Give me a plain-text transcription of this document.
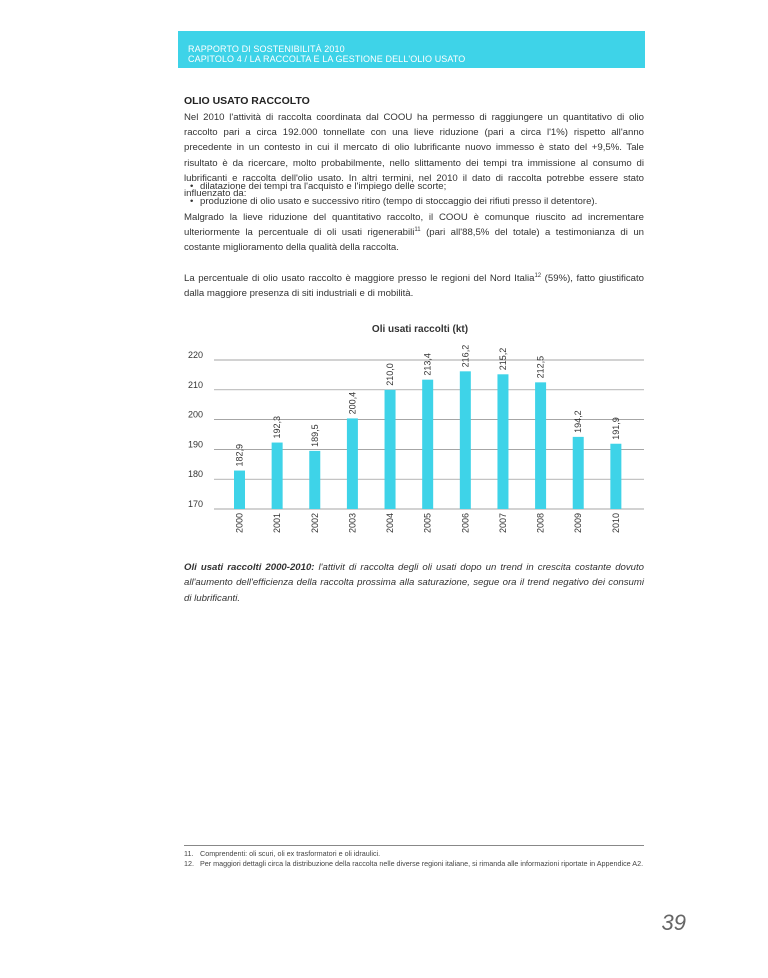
RAPPORTO DI SOSTENIBILITÀ 2010
CAPITOLO 4 / LA RACCOLTA E LA GESTIONE DELL'OLIO USATO
OLIO USATO RACCOLTO

Nel 2010 l'attività di raccolta coordinata dal COOU ha permesso di raggiungere un quantitativo di olio raccolto pari a circa 192.000 tonnellate con una lieve riduzione (pari a circa l'1%) rispetto all'anno precedente in un contesto in cui il mercato di olio lubrificante nuovo immesso è stato del +9,5%. Tale risultato è da ricercare, molto probabilmente, nello slittamento dei tempi tra immissione al consumo di lubrificanti e raccolta dell'olio usato. In altri termini, nel 2010 il dato di raccolta potrebbe essere stato influenzato da:

• dilatazione dei tempi tra l'acquisto e l'impiego delle scorte;
• produzione di olio usato e successivo ritiro (tempo di stoccaggio dei rifiuti presso il detentore).

Malgrado la lieve riduzione del quantitativo raccolto, il COOU è comunque riuscito ad incrementare ulteriormente la percentuale di oli usati rigenerabili$^{11}$ (pari all'88,5% del totale) a testimonianza di un costante miglioramento della qualità della raccolta.

La percentuale di olio usato raccolto è maggiore presso le regioni del Nord Italia$^{12}$ (59%), fatto giustificato dalla maggiore presenza di siti industriali e di mobilità.

Oli usati raccolti (kt)
170
180
190
200
210
220
182,9
2000
192,3
2001
189,5
2002
200,4
2003
210,0
2004
213,4
2005
216,2
2006
215,2
2007
212,5
2008
194,2
2009
191,9
2010
Oli usati raccolti 2000-2010: l'attivit di raccolta degli oli usati dopo un trend in crescita costante dovuto all'aumento dell'efficienza della raccolta prossima alla saturazione, segue ora il trend negativo dei consumi di lubrificanti.
11. Comprendenti: oli scuri, oli ex trasformatori e oli idraulici.
12. Per maggiori dettagli circa la distribuzione della raccolta nelle diverse regioni italiane, si rimanda alle informazioni riportate in Appendice A2.
39
